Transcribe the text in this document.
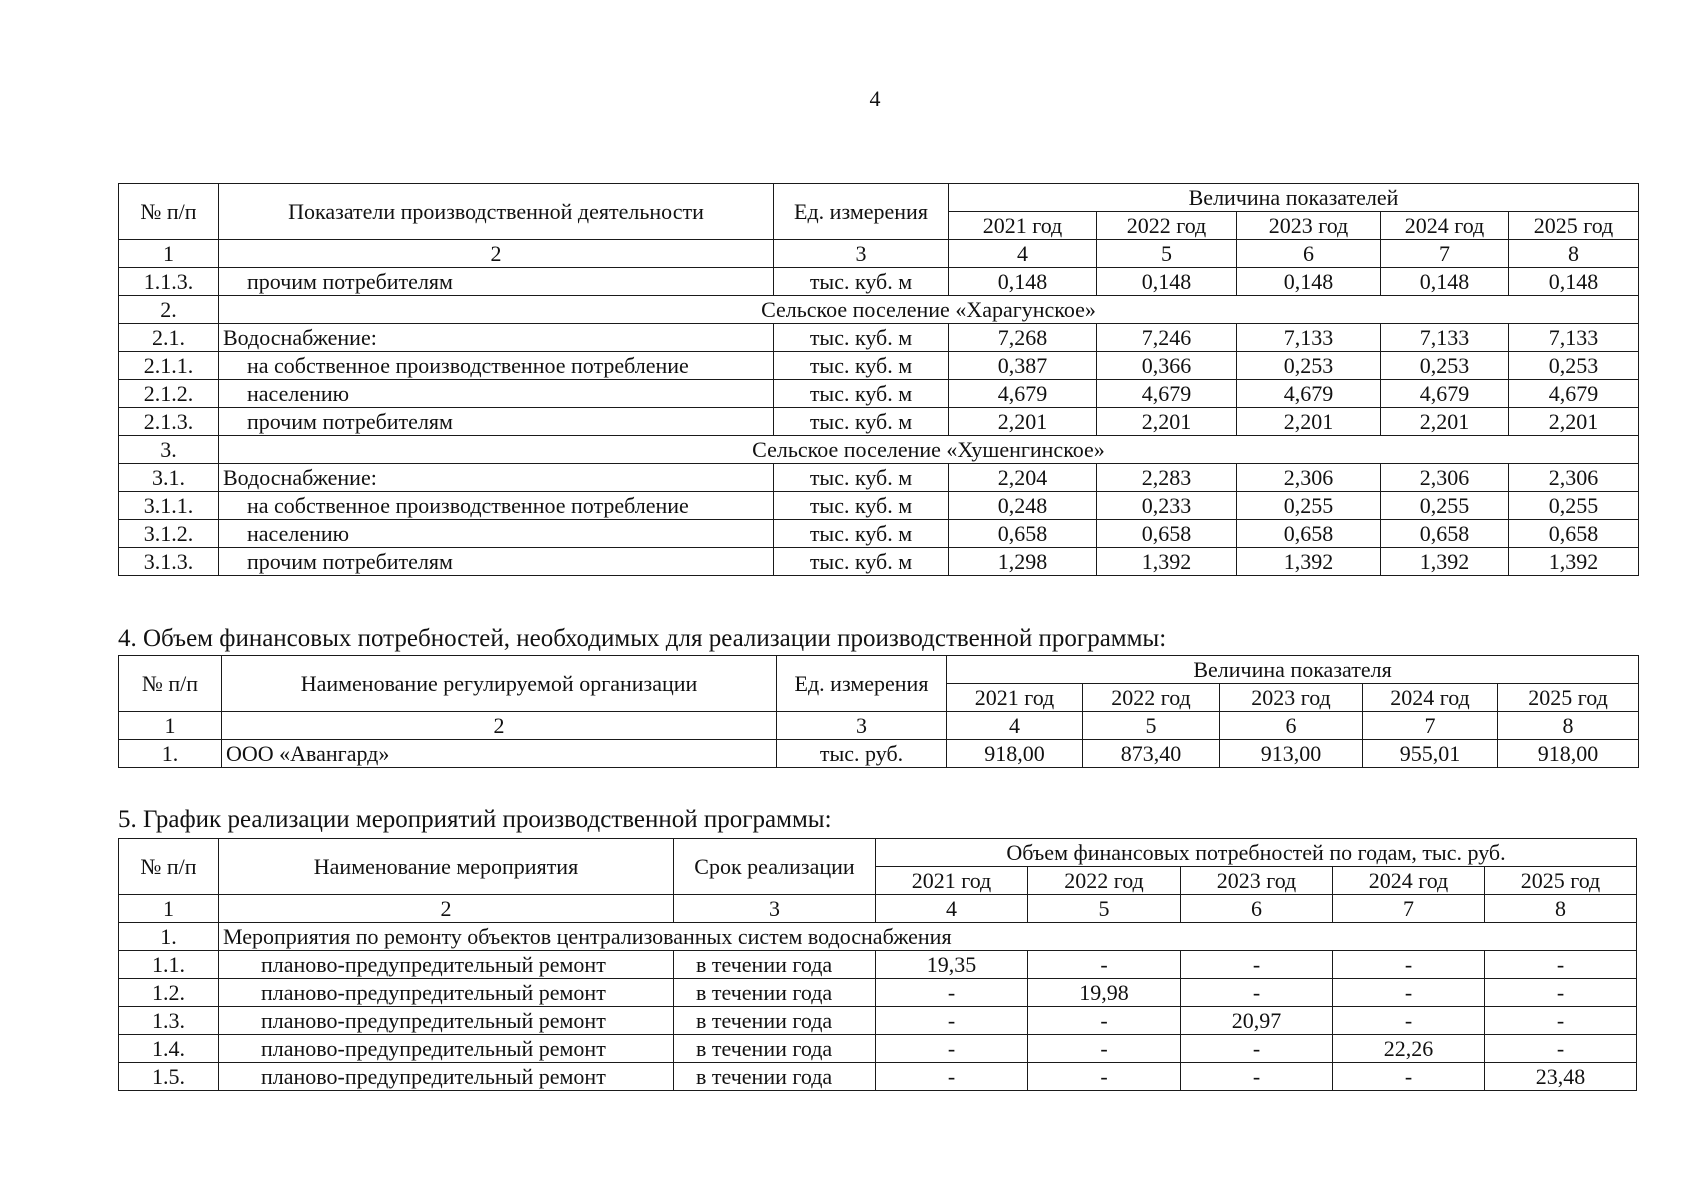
4
№ п/п	Показатели производственной деятельности	Ед. измерения	Величина показателей				
			2021 год	2022 год	2023 год	2024 год	2025 год
1	2	3	4	5	6	7	8
1.1.3.	прочим потребителям	тыс. куб. м	0,148	0,148	0,148	0,148	0,148
2.	Сельское поселение «Харагунское»						
2.1.	Водоснабжение:	тыс. куб. м	7,268	7,246	7,133	7,133	7,133
2.1.1.	на собственное производственное потребление	тыс. куб. м	0,387	0,366	0,253	0,253	0,253
2.1.2.	населению	тыс. куб. м	4,679	4,679	4,679	4,679	4,679
2.1.3.	прочим потребителям	тыс. куб. м	2,201	2,201	2,201	2,201	2,201
3.	Сельское поселение «Хушенгинское»						
3.1.	Водоснабжение:	тыс. куб. м	2,204	2,283	2,306	2,306	2,306
3.1.1.	на собственное производственное потребление	тыс. куб. м	0,248	0,233	0,255	0,255	0,255
3.1.2.	населению	тыс. куб. м	0,658	0,658	0,658	0,658	0,658
3.1.3.	прочим потребителям	тыс. куб. м	1,298	1,392	1,392	1,392	1,392
4. Объем финансовых потребностей, необходимых для реализации производственной программы:
№ п/п	Наименование регулируемой организации	Ед. измерения	Величина показателя				
			2021 год	2022 год	2023 год	2024 год	2025 год
1	2	3	4	5	6	7	8
1.	ООО «Авангард»	тыс. руб.	918,00	873,40	913,00	955,01	918,00
5. График реализации мероприятий производственной программы:
№ п/п	Наименование мероприятия	Срок реализации	Объем финансовых потребностей по годам, тыс. руб.				
			2021 год	2022 год	2023 год	2024 год	2025 год
1	2	3	4	5	6	7	8
1.	Мероприятия по ремонту объектов централизованных систем водоснабжения						
1.1.	планово-предупредительный ремонт	в течении года	19,35	-	-	-	-
1.2.	планово-предупредительный ремонт	в течении года	-	19,98	-	-	-
1.3.	планово-предупредительный ремонт	в течении года	-	-	20,97	-	-
1.4.	планово-предупредительный ремонт	в течении года	-	-	-	22,26	-
1.5.	планово-предупредительный ремонт	в течении года	-	-	-	-	23,48
